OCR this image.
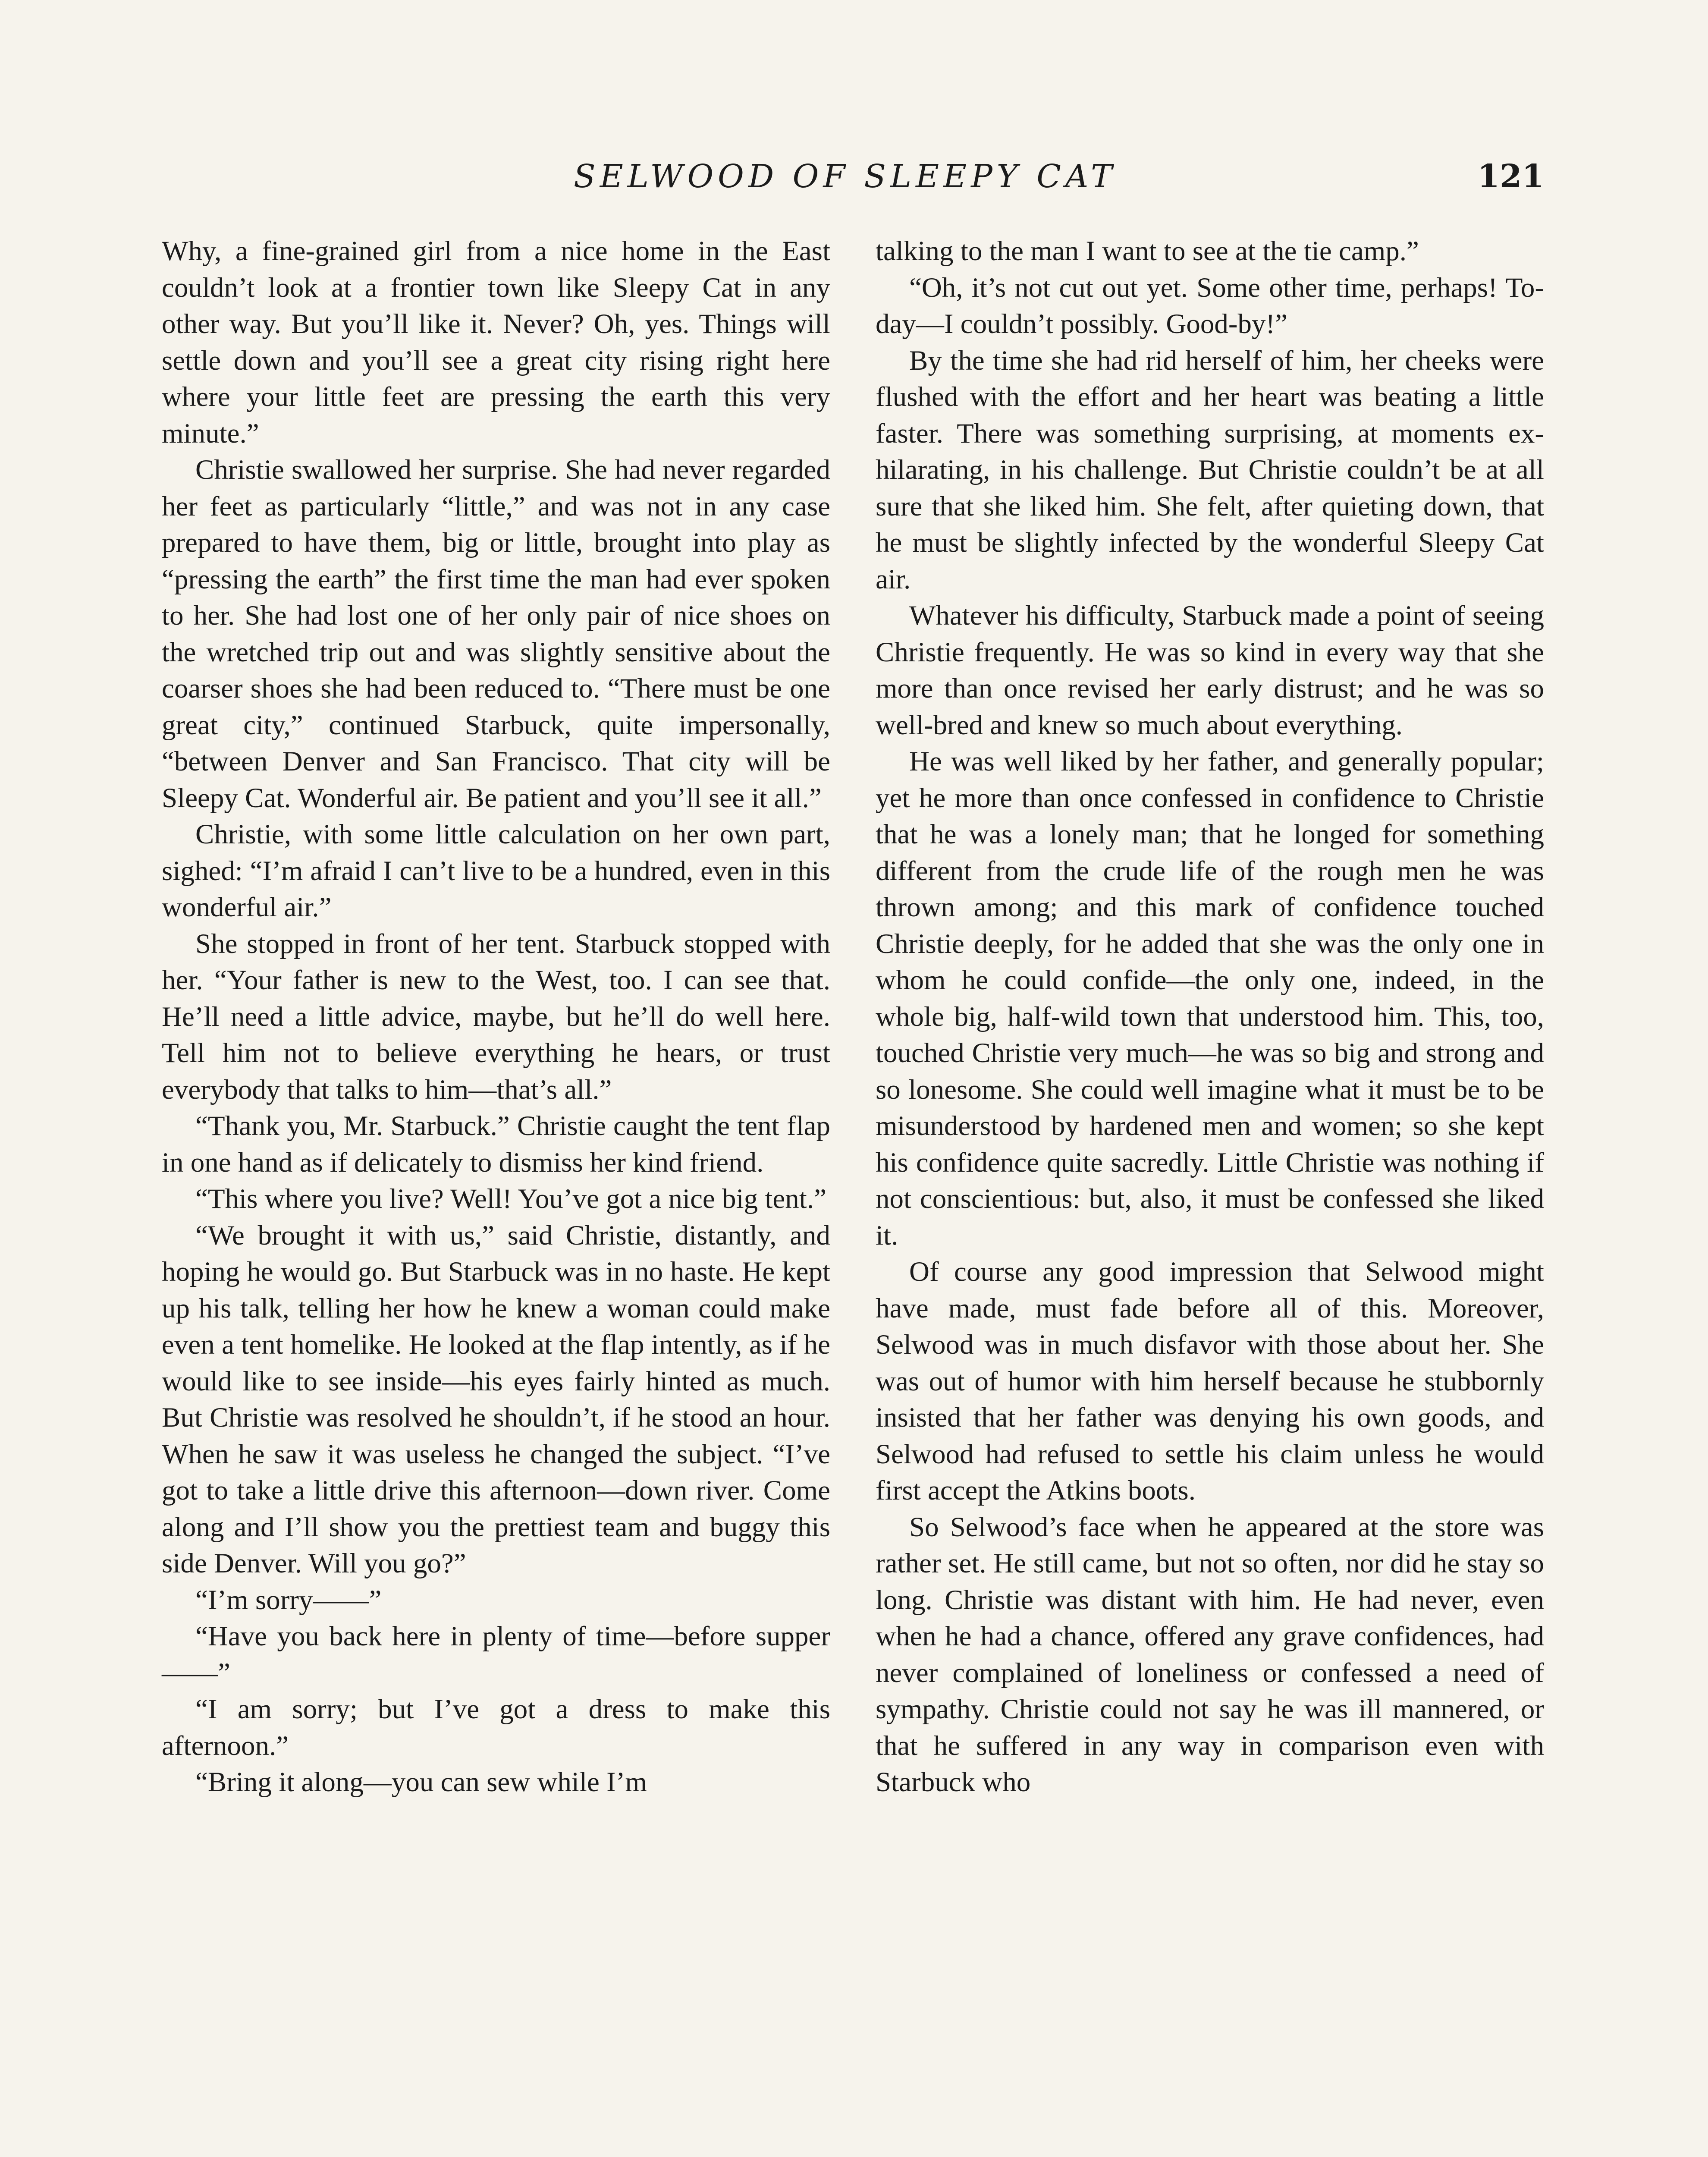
SELWOOD OF SLEEPY CAT	121

Why, a fine-grained girl from a nice home in the East couldn’t look at a frontier town like Sleepy Cat in any other way. But you’ll like it. Never? Oh, yes. Things will settle down and you’ll see a great city rising right here where your little feet are pressing the earth this very minute.”

Christie swallowed her surprise. She had never regarded her feet as particularly “little,” and was not in any case prepared to have them, big or little, brought into play as “pressing the earth” the first time the man had ever spoken to her. She had lost one of her only pair of nice shoes on the wretched trip out and was slightly sensitive about the coarser shoes she had been reduced to. “There must be one great city,” continued Starbuck, quite impersonally, “between Denver and San Francisco. That city will be Sleepy Cat. Wonderful air. Be patient and you’ll see it all.”

Christie, with some little calculation on her own part, sighed: “I’m afraid I can’t live to be a hundred, even in this wonderful air.”

She stopped in front of her tent. Starbuck stopped with her. “Your father is new to the West, too. I can see that. He’ll need a little advice, maybe, but he’ll do well here. Tell him not to believe everything he hears, or trust everybody that talks to him—that’s all.”

“Thank you, Mr. Starbuck.” Christie caught the tent flap in one hand as if delicately to dismiss her kind friend.

“This where you live? Well! You’ve got a nice big tent.”

“We brought it with us,” said Christie, distantly, and hoping he would go. But Starbuck was in no haste. He kept up his talk, telling her how he knew a woman could make even a tent homelike. He looked at the flap intently, as if he would like to see inside—his eyes fairly hinted as much. But Christie was resolved he shouldn’t, if he stood an hour. When he saw it was useless he changed the subject. “I’ve got to take a little drive this afternoon—down river. Come along and I’ll show you the prettiest team and buggy this side Denver. Will you go?”

“I’m sorry——”

“Have you back here in plenty of time—before supper——”

“I am sorry; but I’ve got a dress to make this afternoon.”

“Bring it along—you can sew while I’m

talking to the man I want to see at the tie camp.”

“Oh, it’s not cut out yet. Some other time, perhaps! To-day—I couldn’t possibly. Good-by!”

By the time she had rid herself of him, her cheeks were flushed with the effort and her heart was beating a little faster. There was something surprising, at moments exhilarating, in his challenge. But Christie couldn’t be at all sure that she liked him. She felt, after quieting down, that he must be slightly infected by the wonderful Sleepy Cat air.

Whatever his difficulty, Starbuck made a point of seeing Christie frequently. He was so kind in every way that she more than once revised her early distrust; and he was so well-bred and knew so much about everything.

He was well liked by her father, and generally popular; yet he more than once confessed in confidence to Christie that he was a lonely man; that he longed for something different from the crude life of the rough men he was thrown among; and this mark of confidence touched Christie deeply, for he added that she was the only one in whom he could confide—the only one, indeed, in the whole big, half-wild town that understood him. This, too, touched Christie very much—he was so big and strong and so lonesome. She could well imagine what it must be to be misunderstood by hardened men and women; so she kept his confidence quite sacredly. Little Christie was nothing if not conscientious: but, also, it must be confessed she liked it.

Of course any good impression that Selwood might have made, must fade before all of this. Moreover, Selwood was in much disfavor with those about her. She was out of humor with him herself because he stubbornly insisted that her father was denying his own goods, and Selwood had refused to settle his claim unless he would first accept the Atkins boots.

So Selwood’s face when he appeared at the store was rather set. He still came, but not so often, nor did he stay so long. Christie was distant with him. He had never, even when he had a chance, offered any grave confidences, had never complained of loneliness or confessed a need of sympathy. Christie could not say he was ill mannered, or that he suffered in any way in comparison even with Starbuck who
